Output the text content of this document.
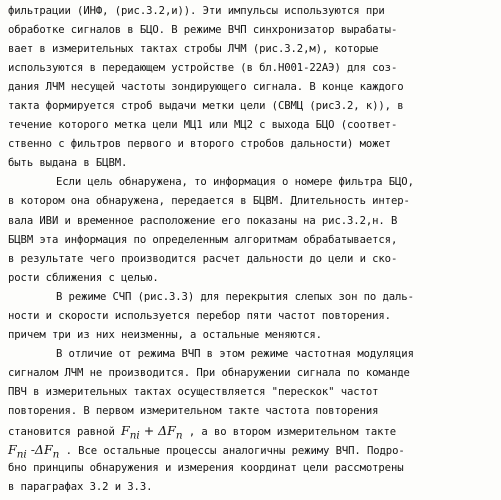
фильтрации (ИНФ, (рис.3.2,и)). Эти импульсы используются при
обработке сигналов в БЦО. В режиме ВЧП синхронизатор вырабаты-
вает в измерительных тактах стробы ЛЧМ (рис.3.2,м), которые
используются в передающем устройстве (в бл.Н001-22АЭ) для соз-
дания ЛЧМ несущей частоты зондирующего сигнала. В конце каждого
такта формируется строб выдачи метки цели (СВМЦ (рис3.2, к)), в
течение которого метка цели МЦ1 или МЦ2 с выхода БЦО (соответ-
ственно с фильтров первого и второго стробов дальности) может
быть выдана в БЦВМ.
Если цель обнаружена, то информация о номере фильтра БЦО,
в котором она обнаружена, передается в БЦВМ. Длительность интер-
вала ИВИ и временное расположение его показаны на рис.3.2,н. В
БЦВМ эта информация по определенным алгоритмам обрабатывается,
в результате чего производится расчет дальности до цели и ско-
рости сближения с целью.
В режиме СЧП (рис.3.3) для перекрытия слепых зон по даль-
ности и скорости используется перебор пяти частот повторения.
причем три из них неизменны, а остальные меняются.
В отличие от режима ВЧП в этом режиме частотная модуляция
сигналом ЛЧМ не производится. При обнаружении сигнала по команде
ПВЧ в измерительных тактах осуществляется "перескок" частот
повторения. В первом измерительном такте частота повторения
становится равной $F_{ni} + \Delta F_n$ , а во втором измерительном такте
$F_{ni}$ $-\Delta F_n$ . Все остальные процессы аналогичны режиму ВЧП. Подро-
бно принципы обнаружения и измерения координат цели рассмотрены
в параграфах 3.2 и 3.3.
